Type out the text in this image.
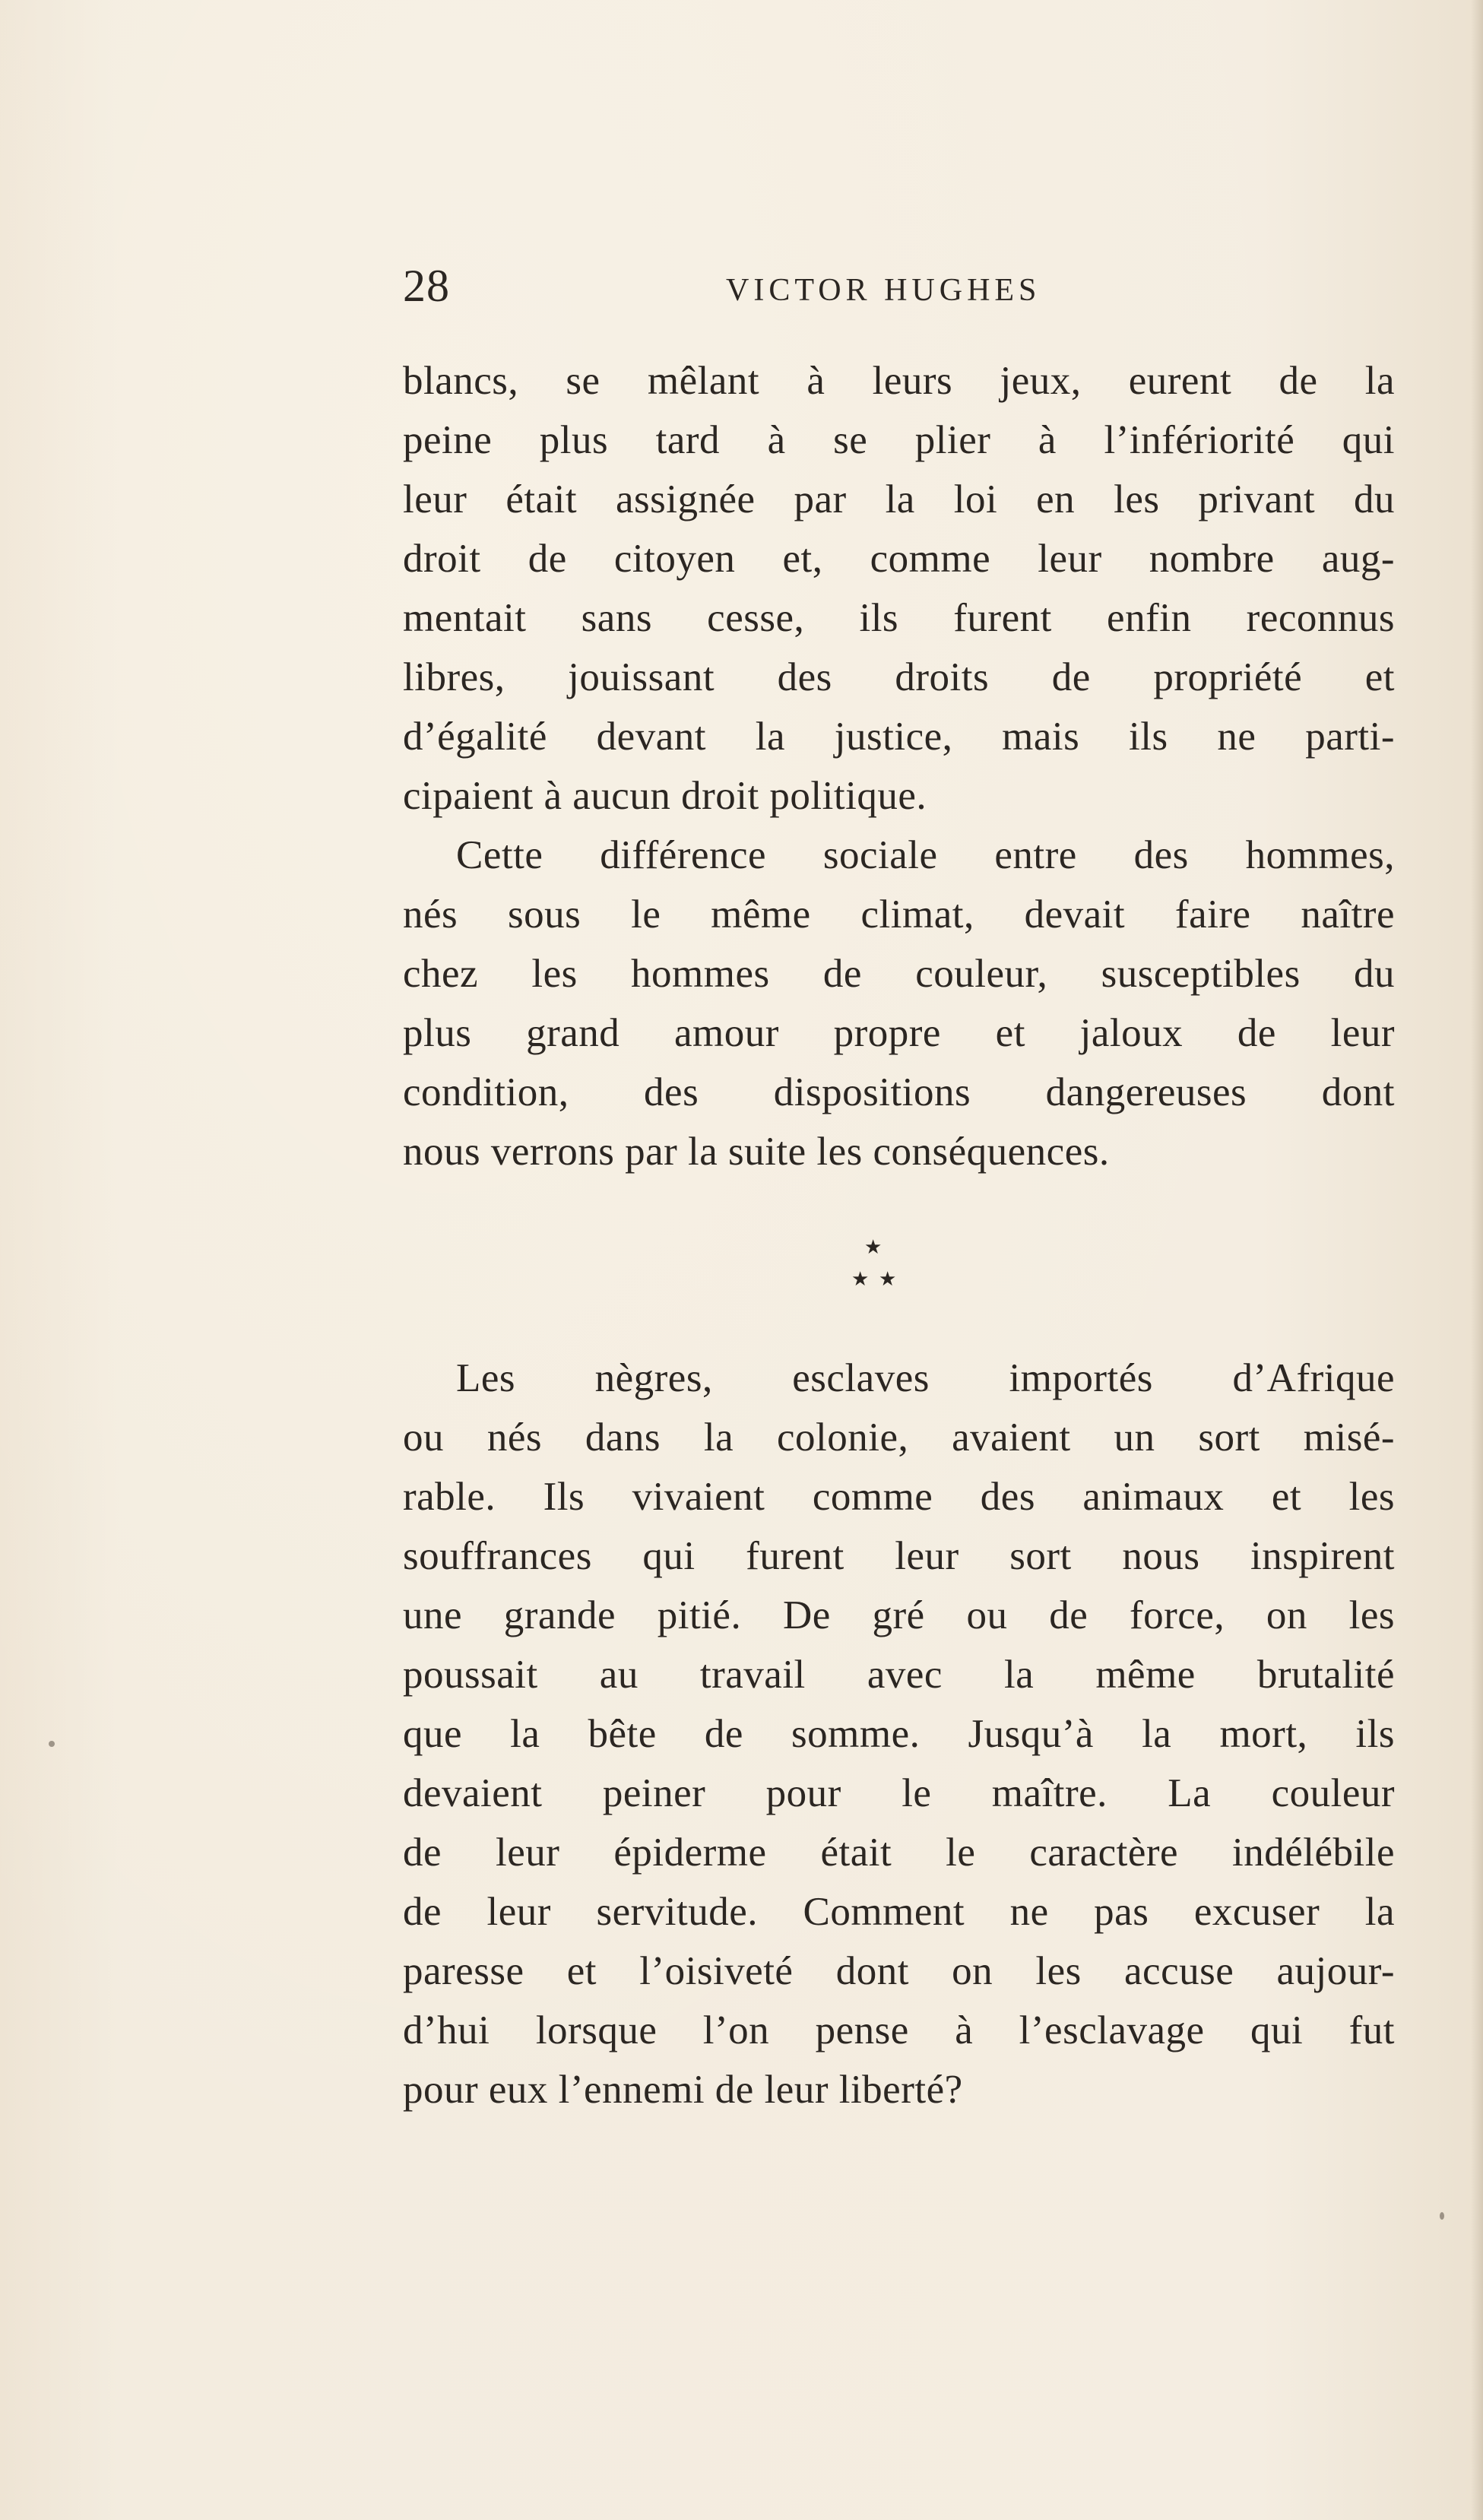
28	VICTOR HUGHES
blancs, se mêlant à leurs jeux, eurent de la
peine plus tard à se plier à l’infériorité qui
leur était assignée par la loi en les privant du
droit de citoyen et, comme leur nombre aug-
mentait sans cesse, ils furent enfin reconnus
libres, jouissant des droits de propriété et
d’égalité devant la justice, mais ils ne parti-
cipaient à aucun droit politique.
Cette différence sociale entre des hommes,
nés sous le même climat, devait faire naître
chez les hommes de couleur, susceptibles du
plus grand amour propre et jaloux de leur
condition, des dispositions dangereuses dont
nous verrons par la suite les conséquences.
★
★ ★
Les nègres, esclaves importés d’Afrique
ou nés dans la colonie, avaient un sort misé-
rable. Ils vivaient comme des animaux et les
souffrances qui furent leur sort nous inspirent
une grande pitié. De gré ou de force, on les
poussait au travail avec la même brutalité
que la bête de somme. Jusqu’à la mort, ils
devaient peiner pour le maître. La couleur
de leur épiderme était le caractère indélébile
de leur servitude. Comment ne pas excuser la
paresse et l’oisiveté dont on les accuse aujour-
d’hui lorsque l’on pense à l’esclavage qui fut
pour eux l’ennemi de leur liberté?
